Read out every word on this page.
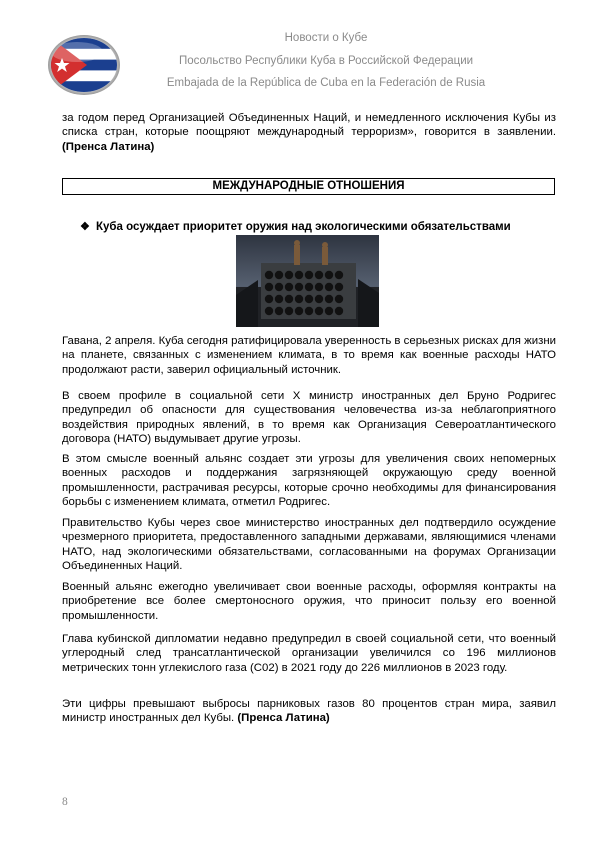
Новости о Кубе
Посольство Республики Куба в Российской Федерации
Embajada de la República de Cuba en la Federación de Rusia
за годом перед Организацией Объединенных Наций, и немедленного исключения Кубы из списка стран, которые поощряют международный терроризм», говорится в заявлении. (Пренса Латина)
МЕЖДУНАРОДНЫЕ ОТНОШЕНИЯ
❖ Куба осуждает приоритет оружия над экологическими обязательствами
Гавана, 2 апреля. Куба сегодня ратифицировала уверенность в серьезных рисках для жизни на планете, связанных с изменением климата, в то время как военные расходы НАТО продолжают расти, заверил официальный источник.
В своем профиле в социальной сети X министр иностранных дел Бруно Родригес предупредил об опасности для существования человечества из-за неблагоприятного воздействия природных явлений, в то время как Организация Североатлантического договора (НАТО) выдумывает другие угрозы.
В этом смысле военный альянс создает эти угрозы для увеличения своих непомерных военных расходов и поддержания загрязняющей окружающую среду военной промышленности, растрачивая ресурсы, которые срочно необходимы для финансирования борьбы с изменением климата, отметил Родригес.
Правительство Кубы через свое министерство иностранных дел подтвердило осуждение чрезмерного приоритета, предоставленного западными державами, являющимися членами НАТО, над экологическими обязательствами, согласованными на форумах Организации Объединенных Наций.
Военный альянс ежегодно увеличивает свои военные расходы, оформляя контракты на приобретение все более смертоносного оружия, что приносит пользу его военной промышленности.
Глава кубинской дипломатии недавно предупредил в своей социальной сети, что военный углеродный след трансатлантической организации увеличился со 196 миллионов метрических тонн углекислого газа (С02) в 2021 году до 226 миллионов в 2023 году.
Эти цифры превышают выбросы парниковых газов 80 процентов стран мира, заявил министр иностранных дел Кубы. (Пренса Латина)
8
